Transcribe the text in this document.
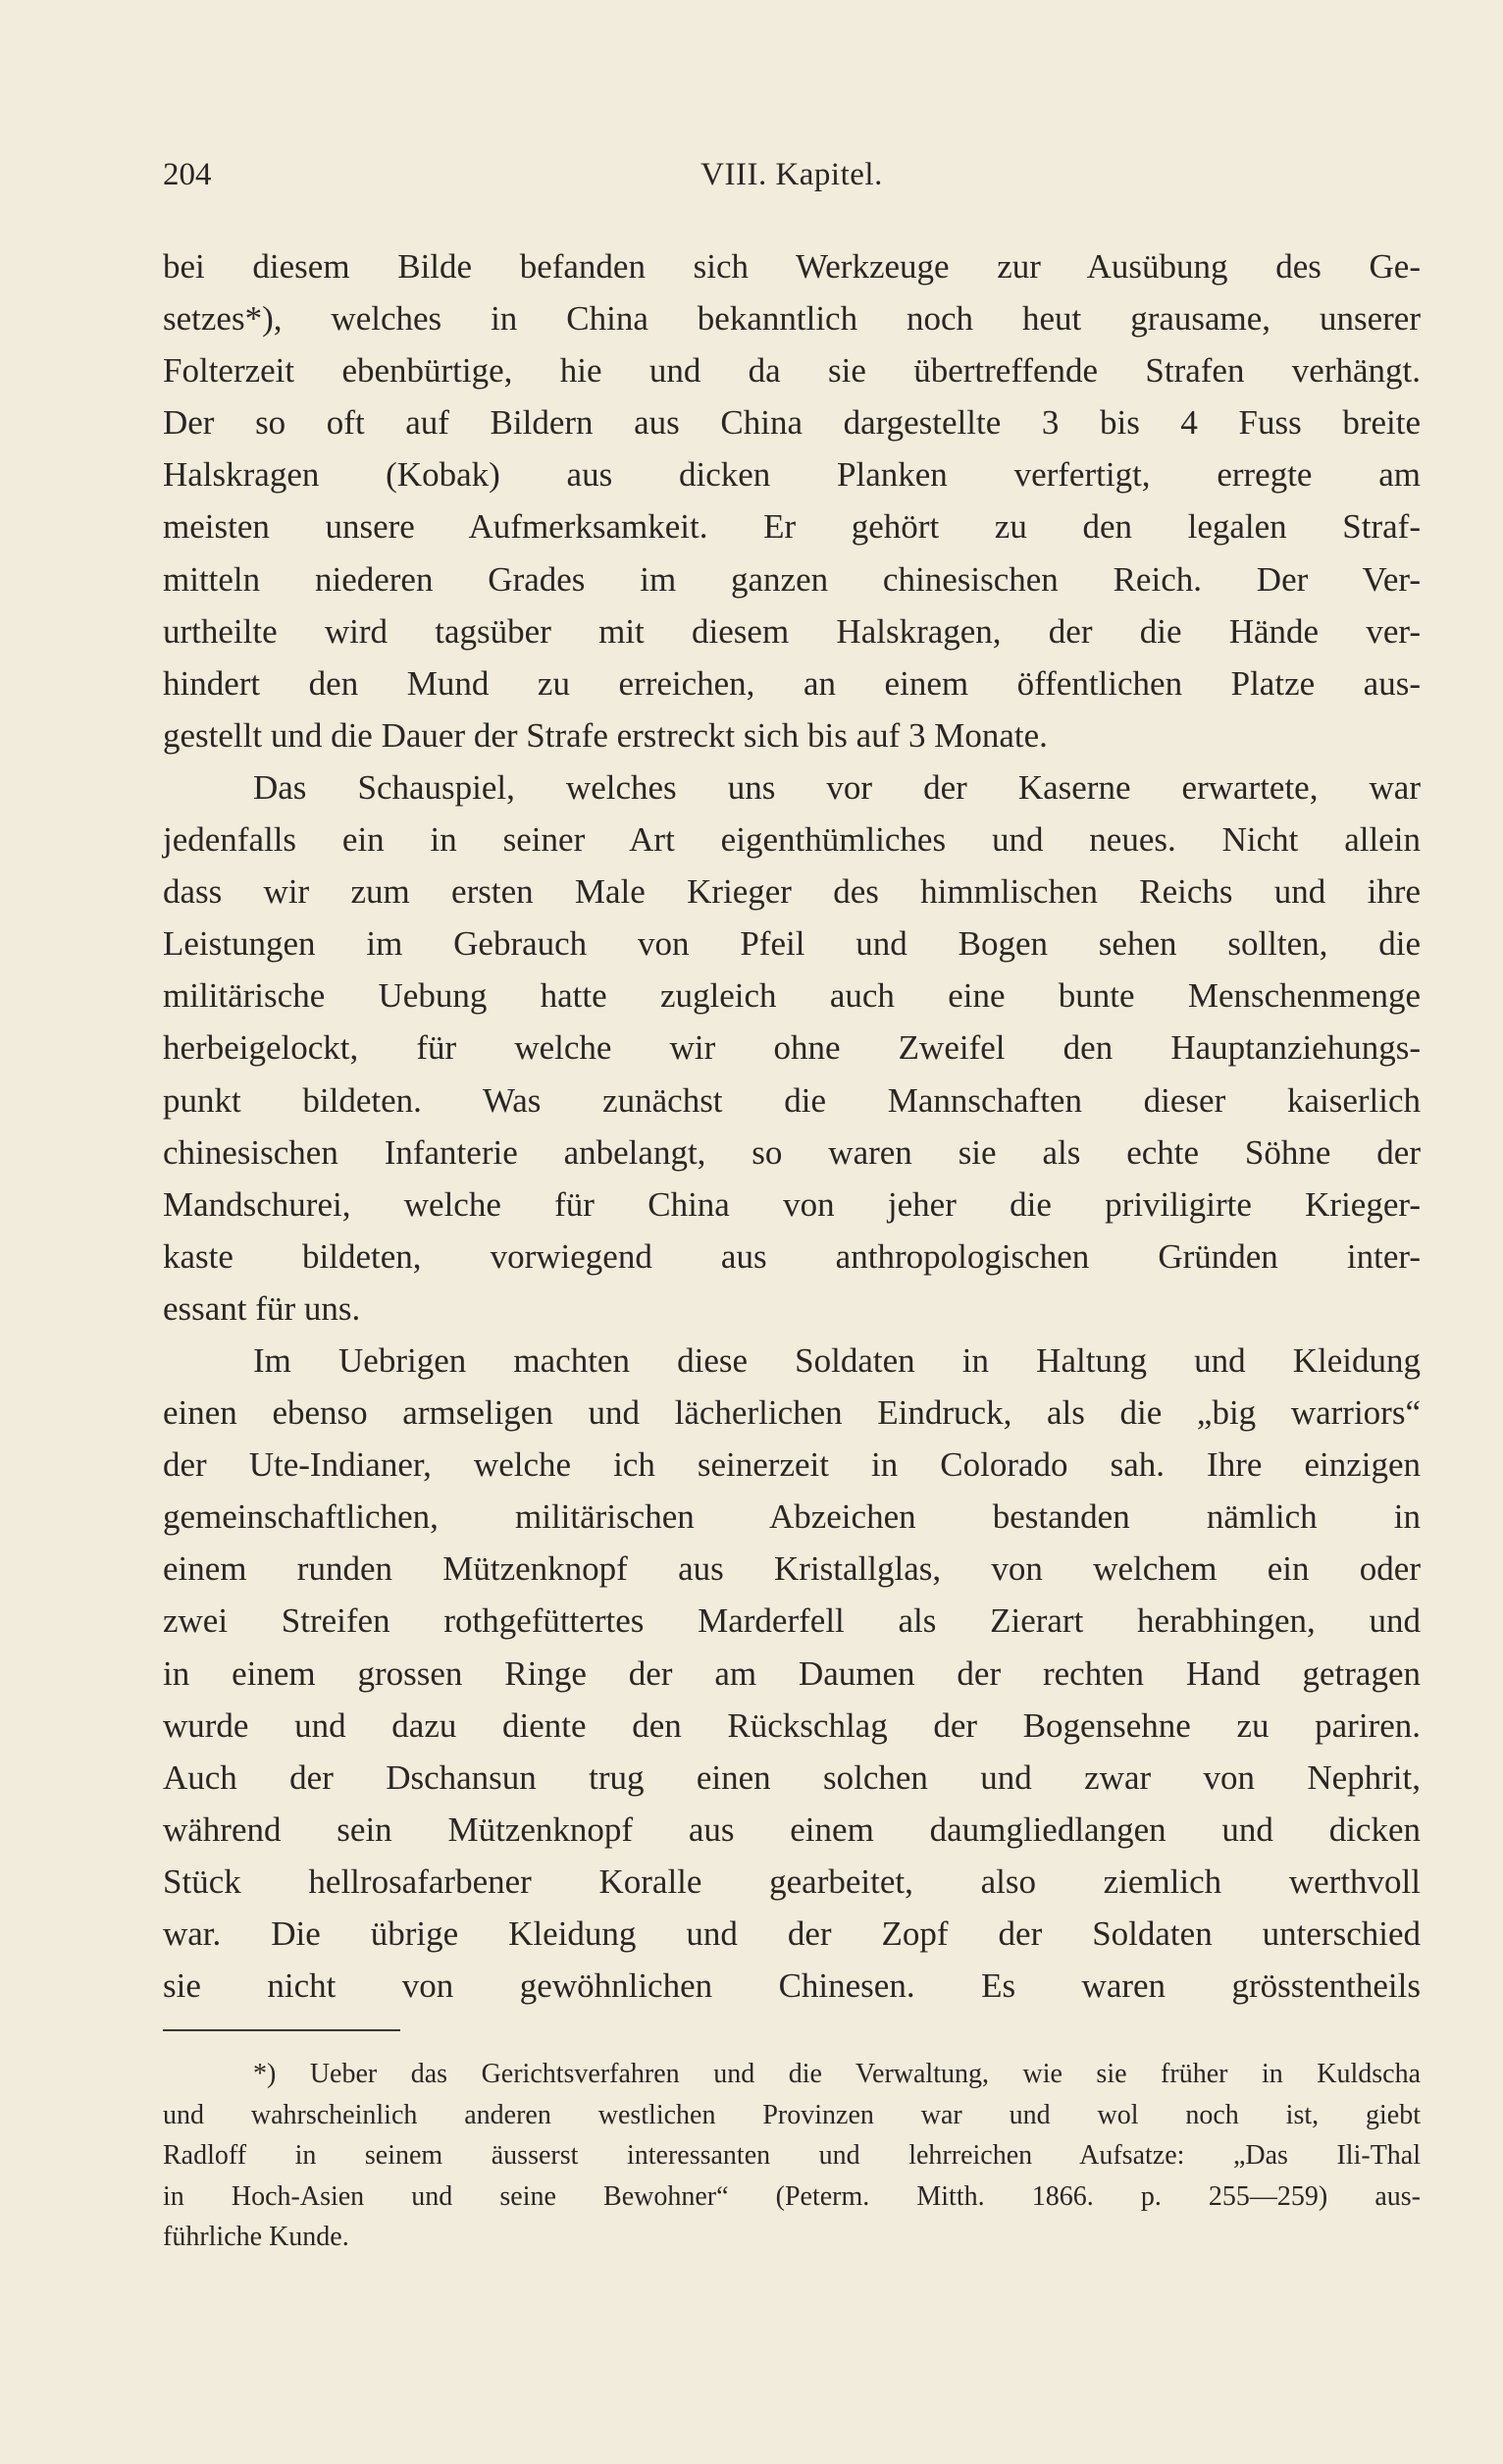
204	VIII. Kapitel.
bei diesem Bilde befanden sich Werkzeuge zur Ausübung des Ge-
setzes*), welches in China bekanntlich noch heut grausame, unserer
Folterzeit ebenbürtige, hie und da sie übertreffende Strafen verhängt.
Der so oft auf Bildern aus China dargestellte 3 bis 4 Fuss breite
Halskragen (Kobak) aus dicken Planken verfertigt, erregte am
meisten unsere Aufmerksamkeit. Er gehört zu den legalen Straf-
mitteln niederen Grades im ganzen chinesischen Reich. Der Ver-
urtheilte wird tagsüber mit diesem Halskragen, der die Hände ver-
hindert den Mund zu erreichen, an einem öffentlichen Platze aus-
gestellt und die Dauer der Strafe erstreckt sich bis auf 3 Monate.
Das Schauspiel, welches uns vor der Kaserne erwartete, war
jedenfalls ein in seiner Art eigenthümliches und neues. Nicht allein
dass wir zum ersten Male Krieger des himmlischen Reichs und ihre
Leistungen im Gebrauch von Pfeil und Bogen sehen sollten, die
militärische Uebung hatte zugleich auch eine bunte Menschenmenge
herbeigelockt, für welche wir ohne Zweifel den Hauptanziehungs-
punkt bildeten. Was zunächst die Mannschaften dieser kaiserlich
chinesischen Infanterie anbelangt, so waren sie als echte Söhne der
Mandschurei, welche für China von jeher die priviligirte Krieger-
kaste bildeten, vorwiegend aus anthropologischen Gründen inter-
essant für uns.
Im Uebrigen machten diese Soldaten in Haltung und Kleidung
einen ebenso armseligen und lächerlichen Eindruck, als die „big warriors“
der Ute-Indianer, welche ich seinerzeit in Colorado sah. Ihre einzigen
gemeinschaftlichen, militärischen Abzeichen bestanden nämlich in
einem runden Mützenknopf aus Kristallglas, von welchem ein oder
zwei Streifen rothgefüttertes Marderfell als Zierart herabhingen, und
in einem grossen Ringe der am Daumen der rechten Hand getragen
wurde und dazu diente den Rückschlag der Bogensehne zu pariren.
Auch der Dschansun trug einen solchen und zwar von Nephrit,
während sein Mützenknopf aus einem daumgliedlangen und dicken
Stück hellrosafarbener Koralle gearbeitet, also ziemlich werthvoll
war. Die übrige Kleidung und der Zopf der Soldaten unterschied
sie nicht von gewöhnlichen Chinesen. Es waren grösstentheils
*) Ueber das Gerichtsverfahren und die Verwaltung, wie sie früher in Kuldscha
und wahrscheinlich anderen westlichen Provinzen war und wol noch ist, giebt
Radloff in seinem äusserst interessanten und lehrreichen Aufsatze: „Das Ili-Thal
in Hoch-Asien und seine Bewohner“ (Peterm. Mitth. 1866. p. 255—259) aus-
führliche Kunde.
